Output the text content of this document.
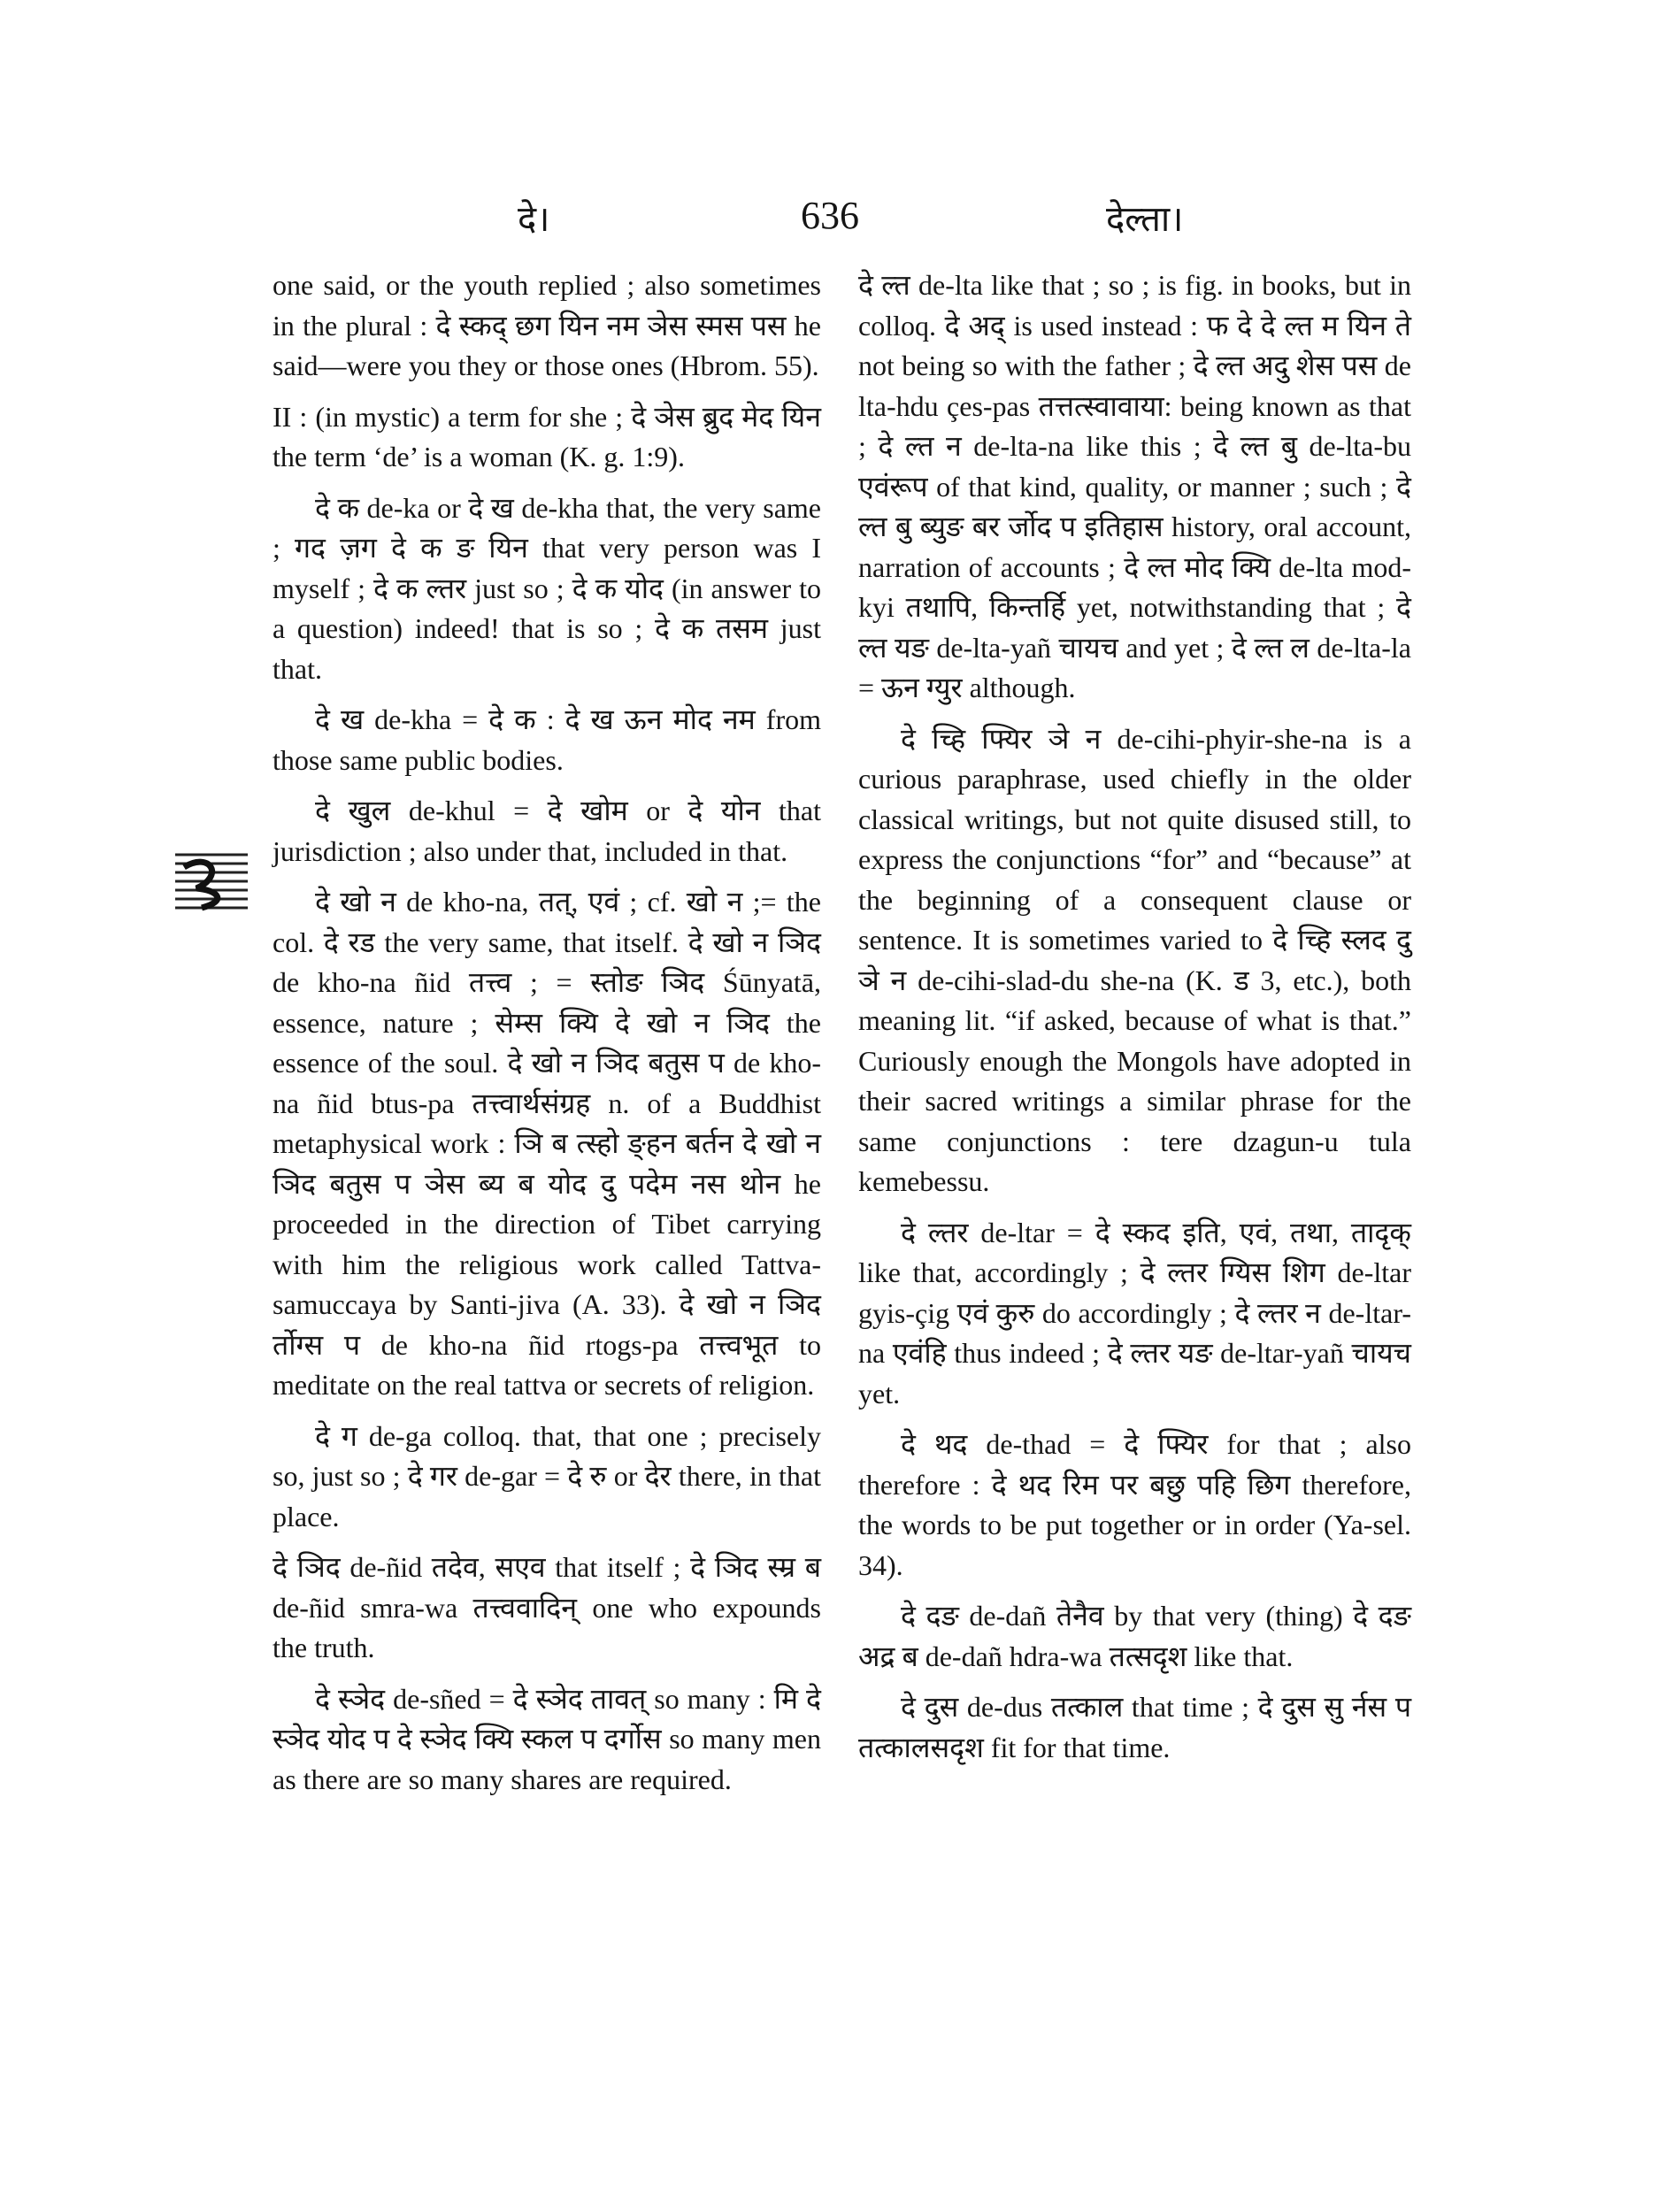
दे।	636	देल्ता।

one said, or the youth replied ; also sometimes in the plural : दे स्कद् छग यिन नम ञेस स्मस पस he said—were you they or those ones (Hbrom. 55).

II : (in mystic) a term for she ; दे ञेस ब्रुद मेद यिन the term ‘de’ is a woman (K. g. 1:9).

दे क de-ka or दे ख de-kha that, the very same ; गद ज़ग दे क ङ यिन that very person was I myself ; दे क ल्तर just so ; दे क योद (in answer to a question) indeed! that is so ; दे क तसम just that.

दे ख de-kha = दे क : दे ख ऊन मोद नम from those same public bodies.

दे खुल de-khul = दे खोम or दे योन that jurisdiction ; also under that, included in that.

दे खो न de kho-na, तत्, एवं ; cf. खो न ;= the col. दे रड the very same, that itself. दे खो न ञिद de kho-na ñid तत्त्व ; = स्तोङ ञिद Śūnyatā, essence, nature ; सेम्स क्यि दे खो न ञिद the essence of the soul. दे खो न ञिद बतुस प de kho-na ñid btus-pa तत्त्वार्थसंग्रह n. of a Buddhist metaphysical work : ञि ब त्स्हो ङ्हन बर्तन दे खो न ञिद बतुस प ञेस ब्य ब योद दु पदेम नस थोन he proceeded in the direction of Tibet carrying with him the religious work called Tattva-samuccaya by Santi-jiva (A. 33). दे खो न ञिद र्तोग्स प de kho-na ñid rtogs-pa तत्त्वभूत to meditate on the real tattva or secrets of religion.

दे ग de-ga colloq. that, that one ; precisely so, just so ; दे गर de-gar = दे रु or देर there, in that place.

दे ञिद de-ñid तदेव, सएव that itself ; दे ञिद स्म्र ब de-ñid smra-wa तत्त्ववादिन् one who expounds the truth.

दे स्ञेद de-sñed = दे स्ञेद तावत् so many : मि दे स्ञेद योद प दे स्ञेद क्यि स्कल प दर्गोस so many men as there are so many shares are required.

दे ल्त de-lta like that ; so ; is fig. in books, but in colloq. दे अद् is used instead : फ दे दे ल्त म यिन ते not being so with the father ; दे ल्त अदु शेस पस de lta-hdu çes-pas तत्तत्स्वावाया: being known as that ; दे ल्त न de-lta-na like this ; दे ल्त बु de-lta-bu एवंरूप of that kind, quality, or manner ; such ; दे ल्त बु ब्युङ बर र्जोद प इतिहास history, oral account, narration of accounts ; दे ल्त मोद क्यि de-lta mod-kyi तथापि, किन्तर्हि yet, notwithstanding that ; दे ल्त यङ de-lta-yañ चायच and yet ; दे ल्त ल de-lta-la = ऊन ग्युर although.

दे च्हि फ्यिर ञे न de-cihi-phyir-she-na is a curious paraphrase, used chiefly in the older classical writings, but not quite disused still, to express the conjunctions “for” and “because” at the beginning of a consequent clause or sentence. It is sometimes varied to दे च्हि स्लद दु ञे न de-cihi-slad-du she-na (K. ड 3, etc.), both meaning lit. “if asked, because of what is that.” Curiously enough the Mongols have adopted in their sacred writings a similar phrase for the same conjunctions : tere dzagun-u tula kemebessu.

दे ल्तर de-ltar = दे स्कद इति, एवं, तथा, तादृक् like that, accordingly ; दे ल्तर ग्यिस शिग de-ltar gyis-çig एवं कुरु do accordingly ; दे ल्तर न de-ltar-na एवंहि thus indeed ; दे ल्तर यङ de-ltar-yañ चायच yet.

दे थद de-thad = दे फ्यिर for that ; also therefore : दे थद रिम पर बछु पहि छिग therefore, the words to be put together or in order (Ya-sel. 34).

दे दङ de-dañ तेनैव by that very (thing) दे दङ अद्र ब de-dañ hdra-wa तत्सदृश like that.

दे दुस de-dus तत्काल that time ; दे दुस सु र्नस प तत्कालसदृश fit for that time.
